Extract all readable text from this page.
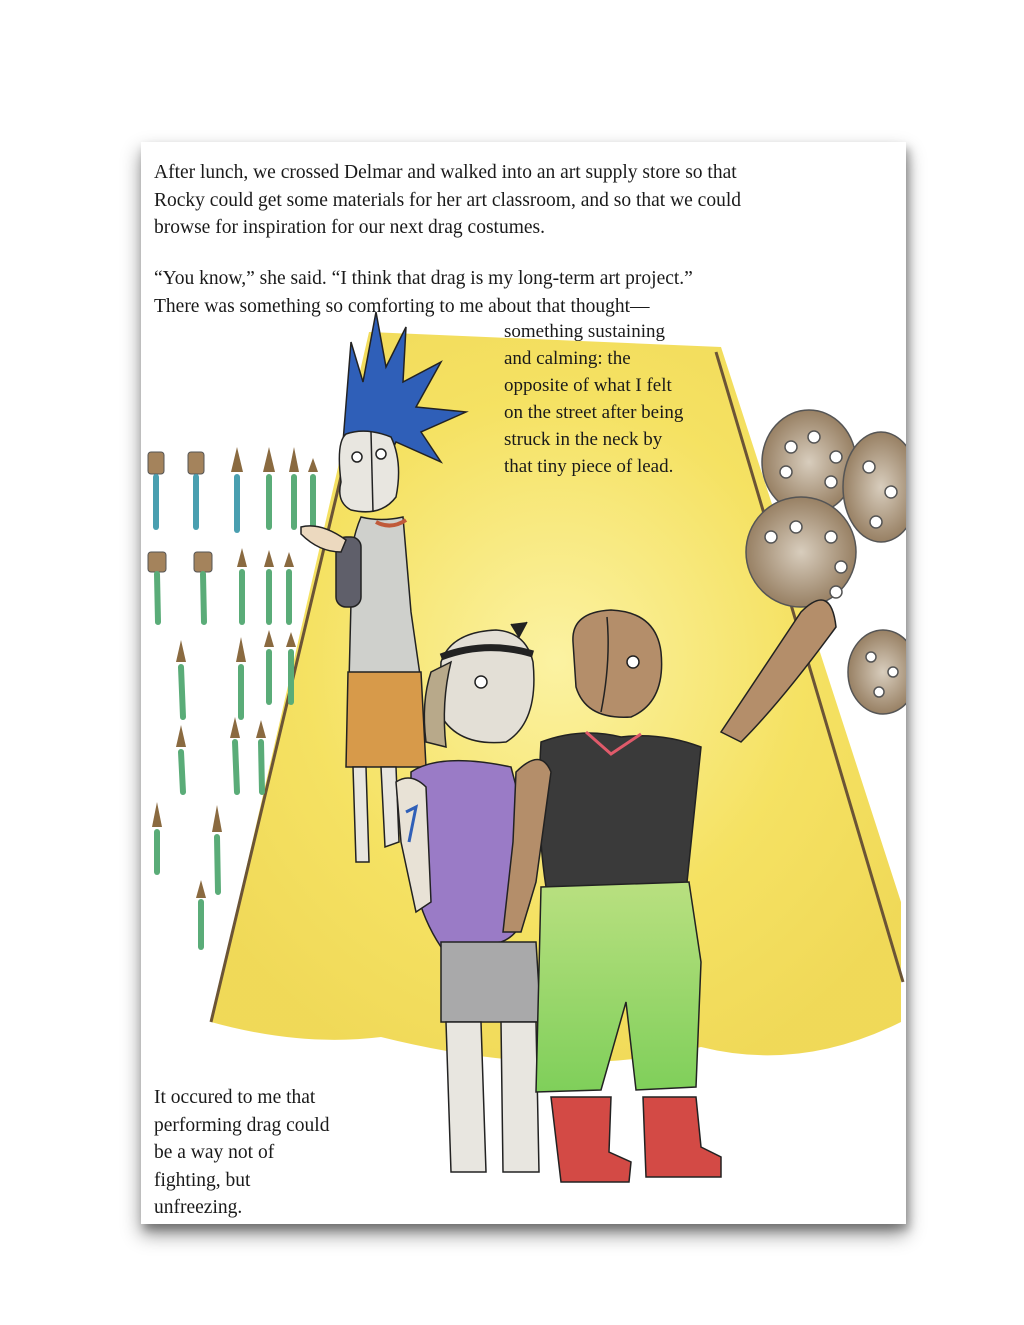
After lunch, we crossed Delmar and walked into an art supply store so that
Rocky could get some materials for her art classroom, and so that we could
browse for inspiration for our next drag costumes.

“You know,” she said. “I think that drag is my long-term art project.”
There was something so comforting to me about that thought—

something sustaining
and calming: the
opposite of what I felt
on the street after being
struck in the neck by
that tiny piece of lead.

It occured to me that
performing drag could
be a way not of
fighting, but
unfreezing.
